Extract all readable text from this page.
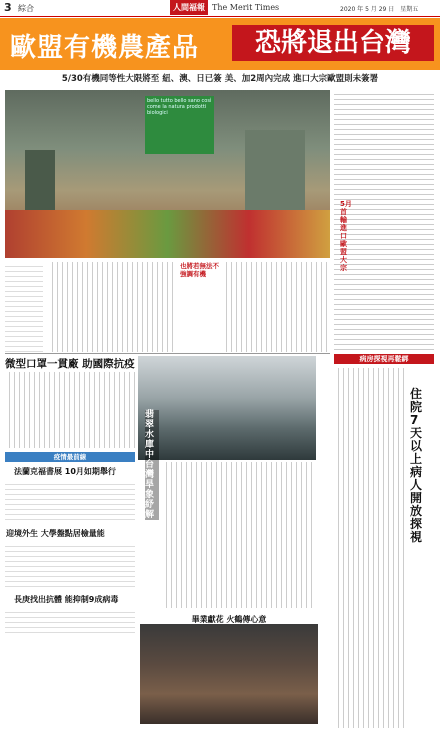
3 綜合	人間福報 The Merit Times	2020 年 5 月 29 日　星期五
歐盟有機農產品	恐將退出台灣
5/30有機同等性大限將至 紐、澳、日已簽 美、加2周內完成 進口大宗歐盟則未簽署
bello tutto bello sano così come la natura prodotti biologici
5月首輸進口歐盟大宗
也將若無法不強調有機
微型口罩一貫廠 助國際抗疫
翡翠水庫 中台灣旱象紓解
病房探視再鬆綁
住院7天以上病人 開放探視
疫情最前線
法蘭克福書展 10月如期舉行
迎境外生 大學盤點居檢量能
長庚找出抗體 能抑制9成病毒
畢業獻花 火鶴傳心意
